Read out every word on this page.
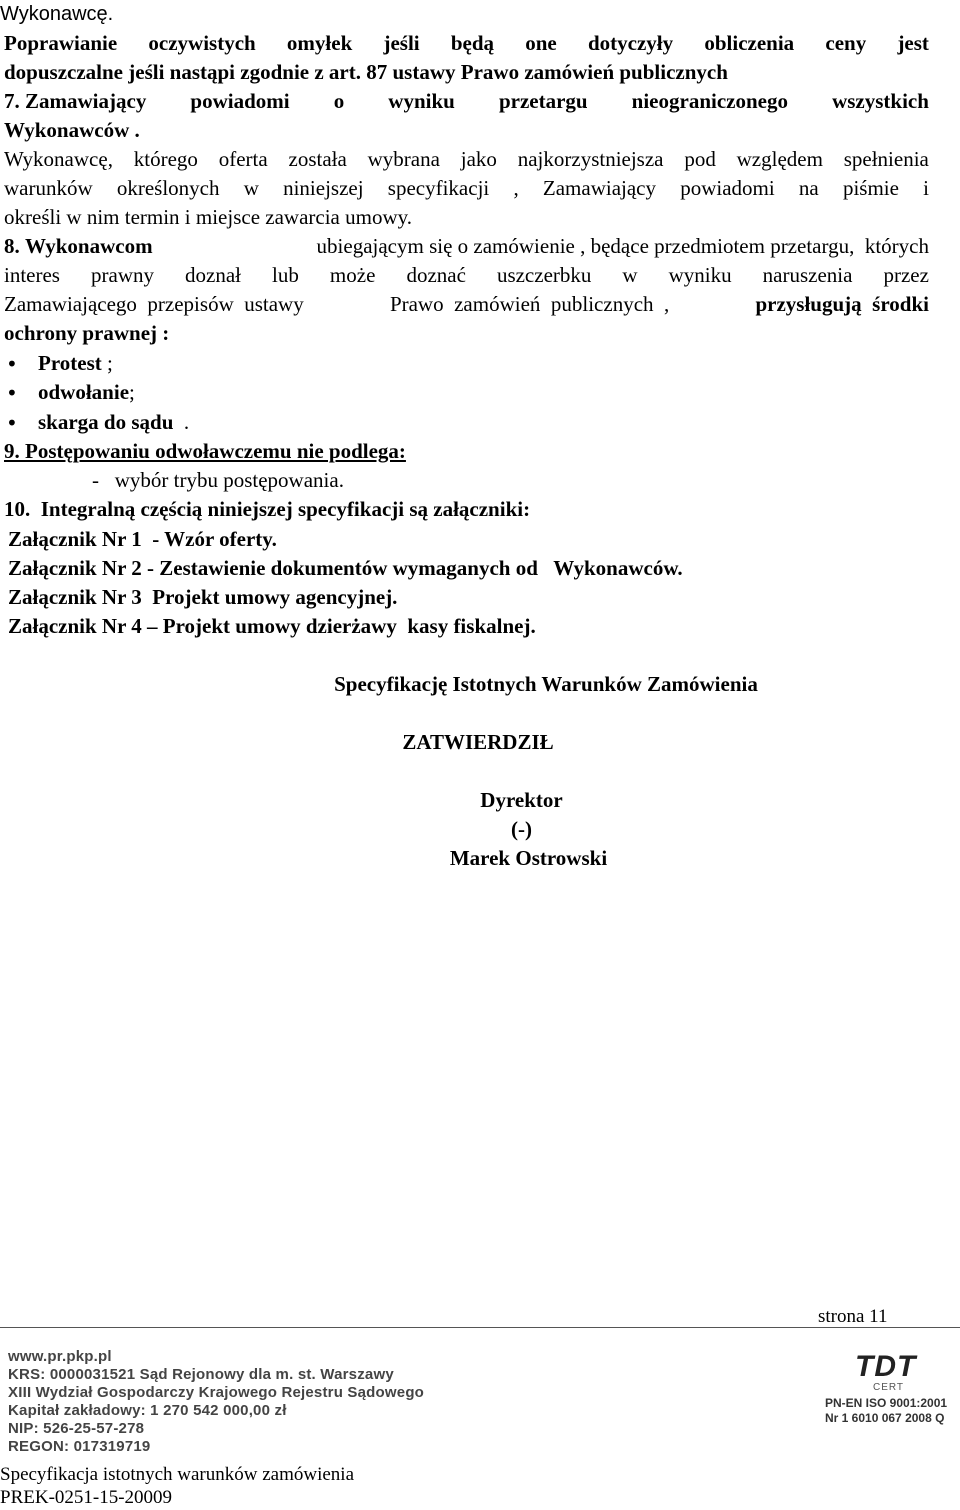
Wykonawcę.
Poprawianie oczywistych omyłek jeśli będą one dotyczyły obliczenia ceny jest
dopuszczalne jeśli nastąpi zgodnie z art. 87 ustawy Prawo zamówień publicznych
7. Zamawiający powiadomi o wyniku przetargu nieograniczonego wszystkich
Wykonawców .
Wykonawcę, którego oferta została wybrana jako najkorzystniejsza pod względem spełnienia
warunków określonych w niniejszej specyfikacji , Zamawiający powiadomi na piśmie i
określi w nim termin i miejsce zawarcia umowy.
8. Wykonawcom	ubiegającym się o zamówienie , będące przedmiotem przetargu,  których
interes prawny doznał lub może doznać uszczerbku w wyniku naruszenia przez
Zamawiającego  przepisów  ustawy	Prawo  zamówień  publicznych  ,	przysługują  środki
ochrony prawnej :
• Protest ;
• odwołanie;
• skarga do sądu  .
9. Postępowaniu odwoławczemu nie podlega:
-   wybór trybu postępowania.
10.  Integralną częścią niniejszej specyfikacji są załączniki:
Załącznik Nr 1  - Wzór oferty.
Załącznik Nr 2 - Zestawienie dokumentów wymaganych od   Wykonawców.
Załącznik Nr 3  Projekt umowy agencyjnej.
Załącznik Nr 4 – Projekt umowy dzierżawy  kasy fiskalnej.
Specyfikację Istotnych Warunków Zamówienia
ZATWIERDZIŁ
Dyrektor
(-)
Marek Ostrowski
strona 11
www.pr.pkp.pl
KRS: 0000031521 Sąd Rejonowy dla m. st. Warszawy
XIII Wydział Gospodarczy Krajowego Rejestru Sądowego
Kapitał zakładowy: 1 270 542 000,00 zł
NIP: 526-25-57-278
REGON: 017319719
Specyfikacja istotnych warunków zamówienia
PREK-0251-15-20009
TDT
CERT
PN-EN ISO 9001:2001
Nr 1 6010 067 2008 Q
